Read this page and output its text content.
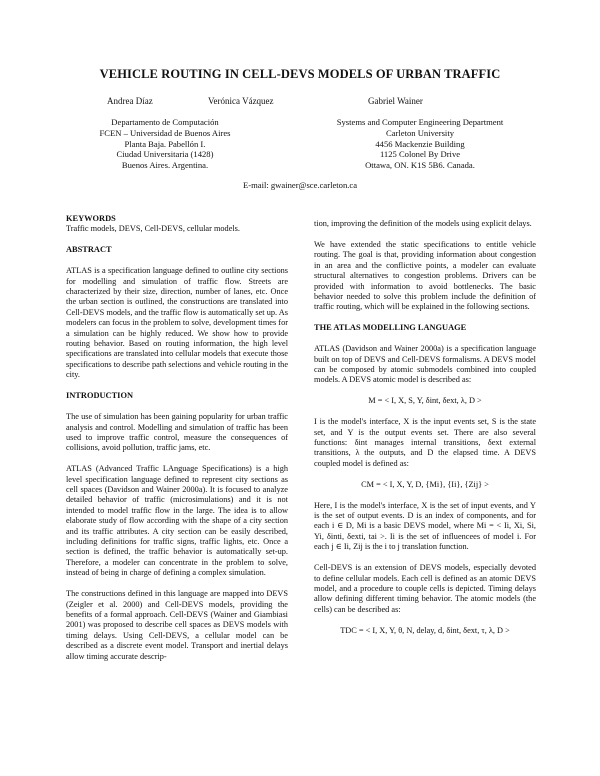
VEHICLE ROUTING IN CELL-DEVS MODELS OF URBAN TRAFFIC
Andrea Díaz	Verónica Vázquez	Gabriel Wainer
Departamento de Computación
FCEN – Universidad de Buenos Aires
Planta Baja. Pabellón I.
Ciudad Universitaria (1428)
Buenos Aires. Argentina.
Systems and Computer Engineering Department
Carleton University
4456 Mackenzie Building
1125 Colonel By Drive
Ottawa, ON. K1S 5B6. Canada.
E-mail: gwainer@sce.carleton.ca

KEYWORDS

Traffic models, DEVS, Cell-DEVS, cellular models.

ABSTRACT

ATLAS is a specification language defined to outline city sections for modelling and simulation of traffic flow. Streets are characterized by their size, direction, number of lanes, etc. Once the urban section is outlined, the constructions are translated into Cell-DEVS models, and the traffic flow is automatically set up. As modelers can focus in the problem to solve, development times for a simulation can be highly reduced. We show how to provide routing behavior. Based on routing information, the high level specifications are translated into cellular models that execute those specifications to describe path selections and vehicle routing in the city.

INTRODUCTION

The use of simulation has been gaining popularity for urban traffic analysis and control. Modelling and simulation of traffic has been used to improve traffic control, measure the consequences of collisions, avoid pollution, traffic jams, etc.

ATLAS (Advanced Traffic LAnguage Specifications) is a high level specification language defined to represent city sections as cell spaces (Davidson and Wainer 2000a). It is focused to analyze detailed behavior of traffic (microsimulations) and it is not intended to model traffic flow in the large. The idea is to allow elaborate study of flow according with the shape of a city section and its traffic attributes. A city section can be easily described, including definitions for traffic signs, traffic lights, etc. Once a section is defined, the traffic behavior is automatically set-up. Therefore, a modeler can concentrate in the problem to solve, instead of being in charge of defining a complex simulation.

The constructions defined in this language are mapped into DEVS (Zeigler et al. 2000) and Cell-DEVS models, providing the benefits of a formal approach. Cell-DEVS (Wainer and Giambiasi 2001) was proposed to describe cell spaces as DEVS models with timing delays. Using Cell-DEVS, a cellular model can be described as a discrete event model. Transport and inertial delays allow timing accurate descrip-

tion, improving the definition of the models using explicit delays.

We have extended the static specifications to entitle vehicle routing. The goal is that, providing information about congestion in an area and the conflictive points, a modeler can evaluate structural alternatives to congestion problems. Drivers can be provided with information to avoid bottlenecks. The basic behavior needed to solve this problem include the definition of traffic routing, which will be explained in the following sections.

THE ATLAS MODELLING LANGUAGE

ATLAS (Davidson and Wainer 2000a) is a specification language built on top of DEVS and Cell-DEVS formalisms. A DEVS model can be composed by atomic submodels combined into coupled models. A DEVS atomic model is described as:

M = < I, X, S, Y, δint, δext, λ, D >

I is the model's interface, X is the input events set, S is the state set, and Y is the output events set. There are also several functions: δint manages internal transitions, δext external transitions, λ the outputs, and D the elapsed time. A DEVS coupled model is defined as:

CM = < I, X, Y, D, {Mi}, {Ii}, {Zij} >

Here, I is the model's interface, X is the set of input events, and Y is the set of output events. D is an index of components, and for each i ∈ D, Mi is a basic DEVS model, where Mi = < Ii, Xi, Si, Yi, δinti, δexti, tai >. Ii is the set of influencees of model i. For each j ∈ Ii, Zij is the i to j translation function.

Cell-DEVS is an extension of DEVS models, especially devoted to define cellular models. Each cell is defined as an atomic DEVS model, and a procedure to couple cells is depicted. Timing delays allow defining different timing behavior. The atomic models (the cells) can be described as:

TDC = < I, X, Y, θ, N, delay, d, δint, δext, τ, λ, D >
